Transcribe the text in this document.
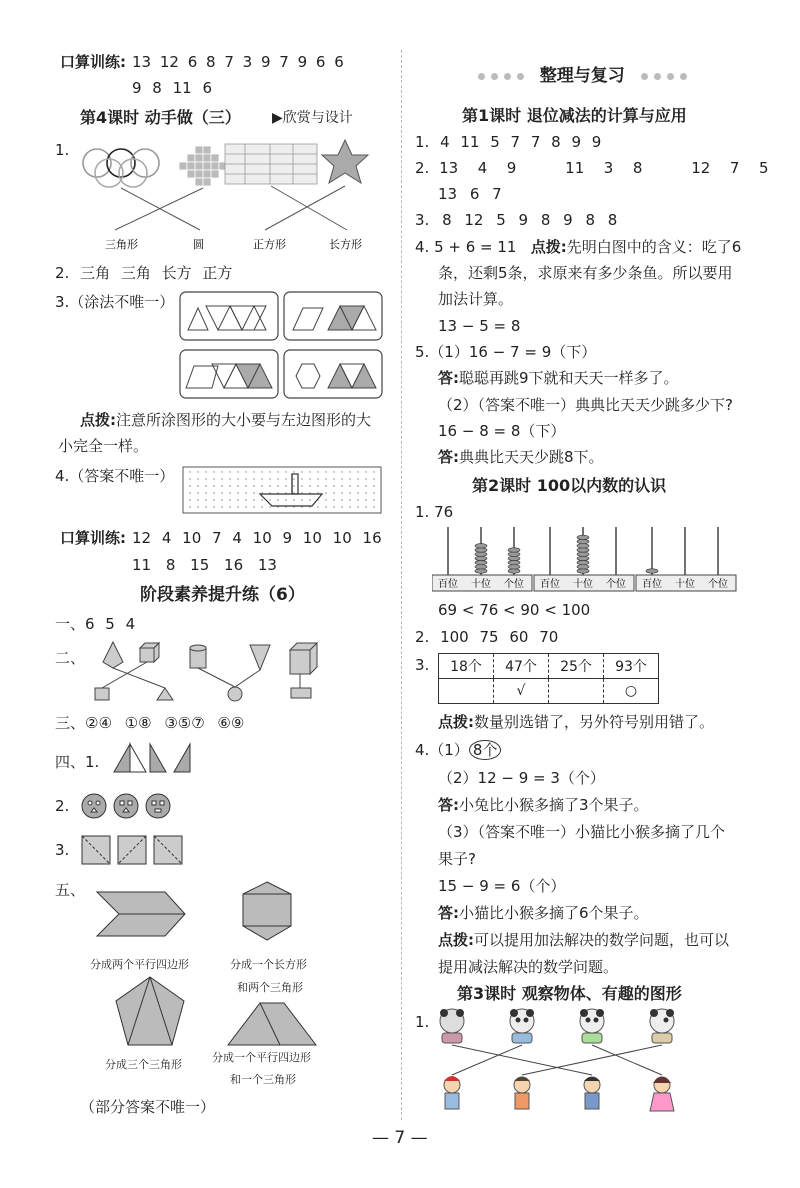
口算训练: 13 12 6 8 7 3 9 7 9 6 6
9 8 11 6
第4课时 动手做（三） ▶欣赏与设计
1.
三角形	圆	正方形	长方形
2. 三角 三角 长方 正方
3.（涂法不唯一）
点拨:注意所涂图形的大小要与左边图形的大
小完全一样。
4.（答案不唯一）
口算训练: 12 4 10 7 4 10 9 10 10 16
11 8 15 16 13
阶段素养提升练（6）
一、6 5 4
二、
三、②④ ①⑧ ③⑤⑦ ⑥⑨
四、1.
2.
3.
五、
分成两个平行四边形	分成一个长方形
和两个三角形
分成三个三角形
分成一个平行四边形
和一个三角形
（部分答案不唯一）
整理与复习
第1课时 退位减法的计算与应用
1. 4 11 5 7 7 8 9 9
2. 13  4  9     11  3  8     12  7  5
13 6 7
3. 8 12 5 9 8 9 8 8
4. 5 + 6 = 11 点拨:先明白图中的含义：吃了6
条，还剩5条，求原来有多少条鱼。所以要用
加法计算。
13 − 5 = 8
5.（1）16 − 7 = 9（下）
答:聪聪再跳9下就和天天一样多了。
（2）（答案不唯一）典典比天天少跳多少下?
16 − 8 = 8（下）
答:典典比天天少跳8下。
第2课时 100以内数的认识
1. 76
百位 十位 个位 百位 十位 个位 百位 十位 个位
69 < 76 < 90 < 100
2. 100 75 60 70
3. 18个	47个	25个	93个
	√		○
点拨:数量别选错了，另外符号别用错了。
4.（1） 8个
（2）12 − 9 = 3（个）
答:小兔比小猴多摘了3个果子。
（3）（答案不唯一）小猫比小猴多摘了几个
果子?
15 − 9 = 6（个）
答:小猫比小猴多摘了6个果子。
点拨:可以提用加法解决的数学问题，也可以
提用减法解决的数学问题。
第3课时 观察物体、有趣的图形
1.
— 7 —
